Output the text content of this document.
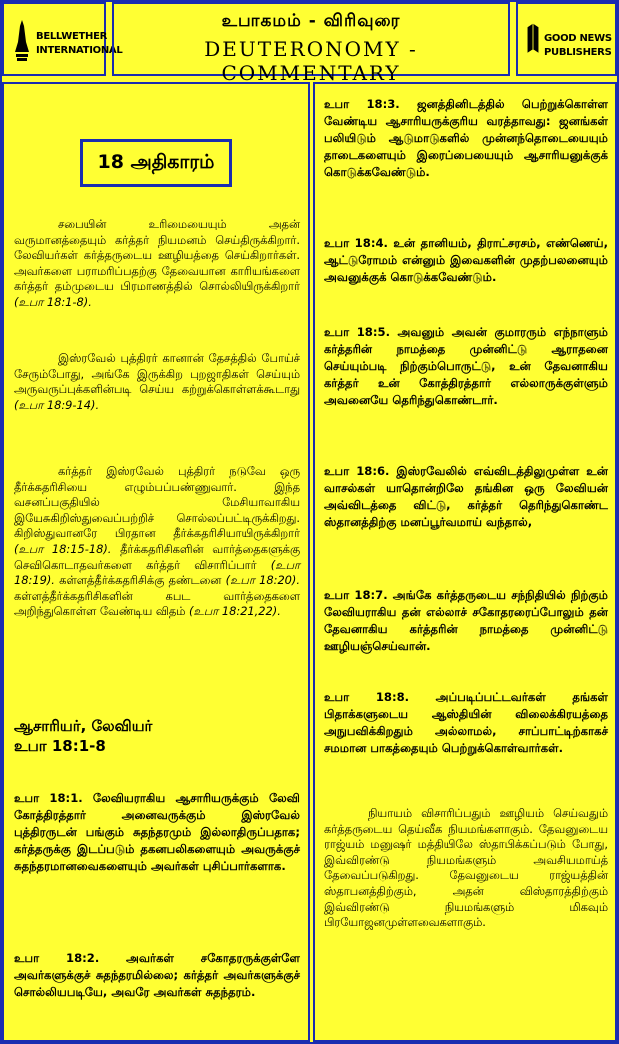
BELLWETHER
INTERNATIONAL
உபாகமம் - விரிவுரை
DEUTERONOMY - COMMENTARY
GOOD NEWS
PUBLISHERS
18 அதிகாரம்
சபையின் உரிமையையும் அதன் வருமானத்தையும் கர்த்தர் நியமனம் செய்திருக்கிறார். லேவியர்கள் கர்த்தருடைய ஊழியத்தை செய்கிறார்கள். அவர்களை பராமரிப்பதற்கு தேவையான காரியங்களை கர்த்தர் தம்முடைய பிரமாணத்தில் சொல்லியிருக்கிறார் (உபா 18:1-8).
இஸ்ரவேல் புத்திரர் கானான் தேசத்தில் போய்ச் சேரும்போது, அங்கே இருக்கிற புறஜாதிகள் செய்யும் அருவருப்புக்களின்படி செய்ய கற்றுக்கொள்ளக்கூடாது (உபா 18:9-14).
கர்த்தர் இஸ்ரவேல் புத்திரர் நடுவே ஒரு தீர்க்கதரிசியை எழும்பப்பண்ணுவார். இந்த வசனப்பகுதியில் மேசியாவாகிய இயேசுகிறிஸ்துவைப்பற்றிச் சொல்லப்பட்டிருக்கிறது. கிறிஸ்துவானரே பிரதான தீர்க்கதரிசியாயிருக்கிறார் (உபா 18:15-18). தீர்க்கதரிசிகளின் வார்த்தைகளுக்கு செவிகொடாதவர்களை கர்த்தர் விசாரிப்பார் (உபா 18:19). கள்ளத்தீர்க்கதரிசிக்கு தண்டனை (உபா 18:20). கள்ளத்தீர்க்கதரிசிகளின் கபட வார்த்தைகளை அறிந்துகொள்ள வேண்டிய விதம் (உபா 18:21,22).
ஆசாரியர், லேவியர்
உபா 18:1-8
உபா 18:1. லேவியராகிய ஆசாரியருக்கும் லேவி கோத்திரத்தார் அனைவருக்கும் இஸ்ரவேல் புத்திரருடன் பங்கும் சுதந்தரமும் இல்லாதிருப்பதாக; கர்த்தருக்கு இடப்படும் தகனபலிகளையும் அவருக்குச் சுதந்தரமானவைகளையும் அவர்கள் புசிப்பார்களாக.
உபா 18:2. அவர்கள் சகோதரருக்குள்ளே அவர்களுக்குச் சுதந்தரமில்லை; கர்த்தர் அவர்களுக்குச் சொல்லியபடியே, அவரே அவர்கள் சுதந்தரம்.
உபா 18:3. ஜனத்தினிடத்தில் பெற்றுக்கொள்ள வேண்டிய ஆசாரியருக்குரிய வரத்தாவது: ஜனங்கள் பலியிடும் ஆடுமாடுகளில் முன்னந்தொடையையும் தாடைகளையும் இரைப்பையையும் ஆசாரியனுக்குக் கொடுக்கவேண்டும்.
உபா 18:4. உன் தானியம், திராட்சரசம், எண்ணெய், ஆட்டுரோமம் என்னும் இவைகளின் முதற்பலனையும் அவனுக்குக் கொடுக்கவேண்டும்.
உபா 18:5. அவனும் அவன் குமாரரும் எந்நாளும் கர்த்தரின் நாமத்தை முன்னிட்டு ஆராதனை செய்யும்படி நிற்கும்பொருட்டு, உன் தேவனாகிய கர்த்தர் உன் கோத்திரத்தார் எல்லாருக்குள்ளும் அவனையே தெரிந்துகொண்டார்.
உபா 18:6. இஸ்ரவேலில் எவ்விடத்திலுமுள்ள உன் வாசல்கள் யாதொன்றிலே தங்கின ஒரு லேவியன் அவ்விடத்தை விட்டு, கர்த்தர் தெரிந்துகொண்ட ஸ்தானத்திற்கு மனப்பூர்வமாய் வந்தால்,
உபா 18:7. அங்கே கர்த்தருடைய சந்நிதியில் நிற்கும் லேவியராகிய தன் எல்லாச் சகோதரரைப்போலும் தன் தேவனாகிய கர்த்தரின் நாமத்தை முன்னிட்டு ஊழியஞ்செய்வான்.
உபா 18:8. அப்படிப்பட்டவர்கள் தங்கள் பிதாக்களுடைய ஆஸ்தியின் விலைக்கிரயத்தை அநுபவிக்கிறதும் அல்லாமல், சாப்பாட்டிற்காகச் சமமான பாகத்தையும் பெற்றுக்கொள்வார்கள்.
நியாயம் விசாரிப்பதும் ஊழியம் செய்வதும் கர்த்தருடைய தெய்வீக நியமங்களாகும். தேவனுடைய ராஜ்யம் மனுஷர் மத்தியிலே ஸ்தாபிக்கப்படும் போது, இவ்விரண்டு நியமங்களும் அவசியமாய்த் தேவைப்படுகிறது. தேவனுடைய ராஜ்யத்தின் ஸ்தாபனத்திற்கும், அதன் விஸ்தாரத்திற்கும் இவ்விரண்டு நியமங்களும் மிகவும் பிரயோஜனமுள்ளவைகளாகும்.
